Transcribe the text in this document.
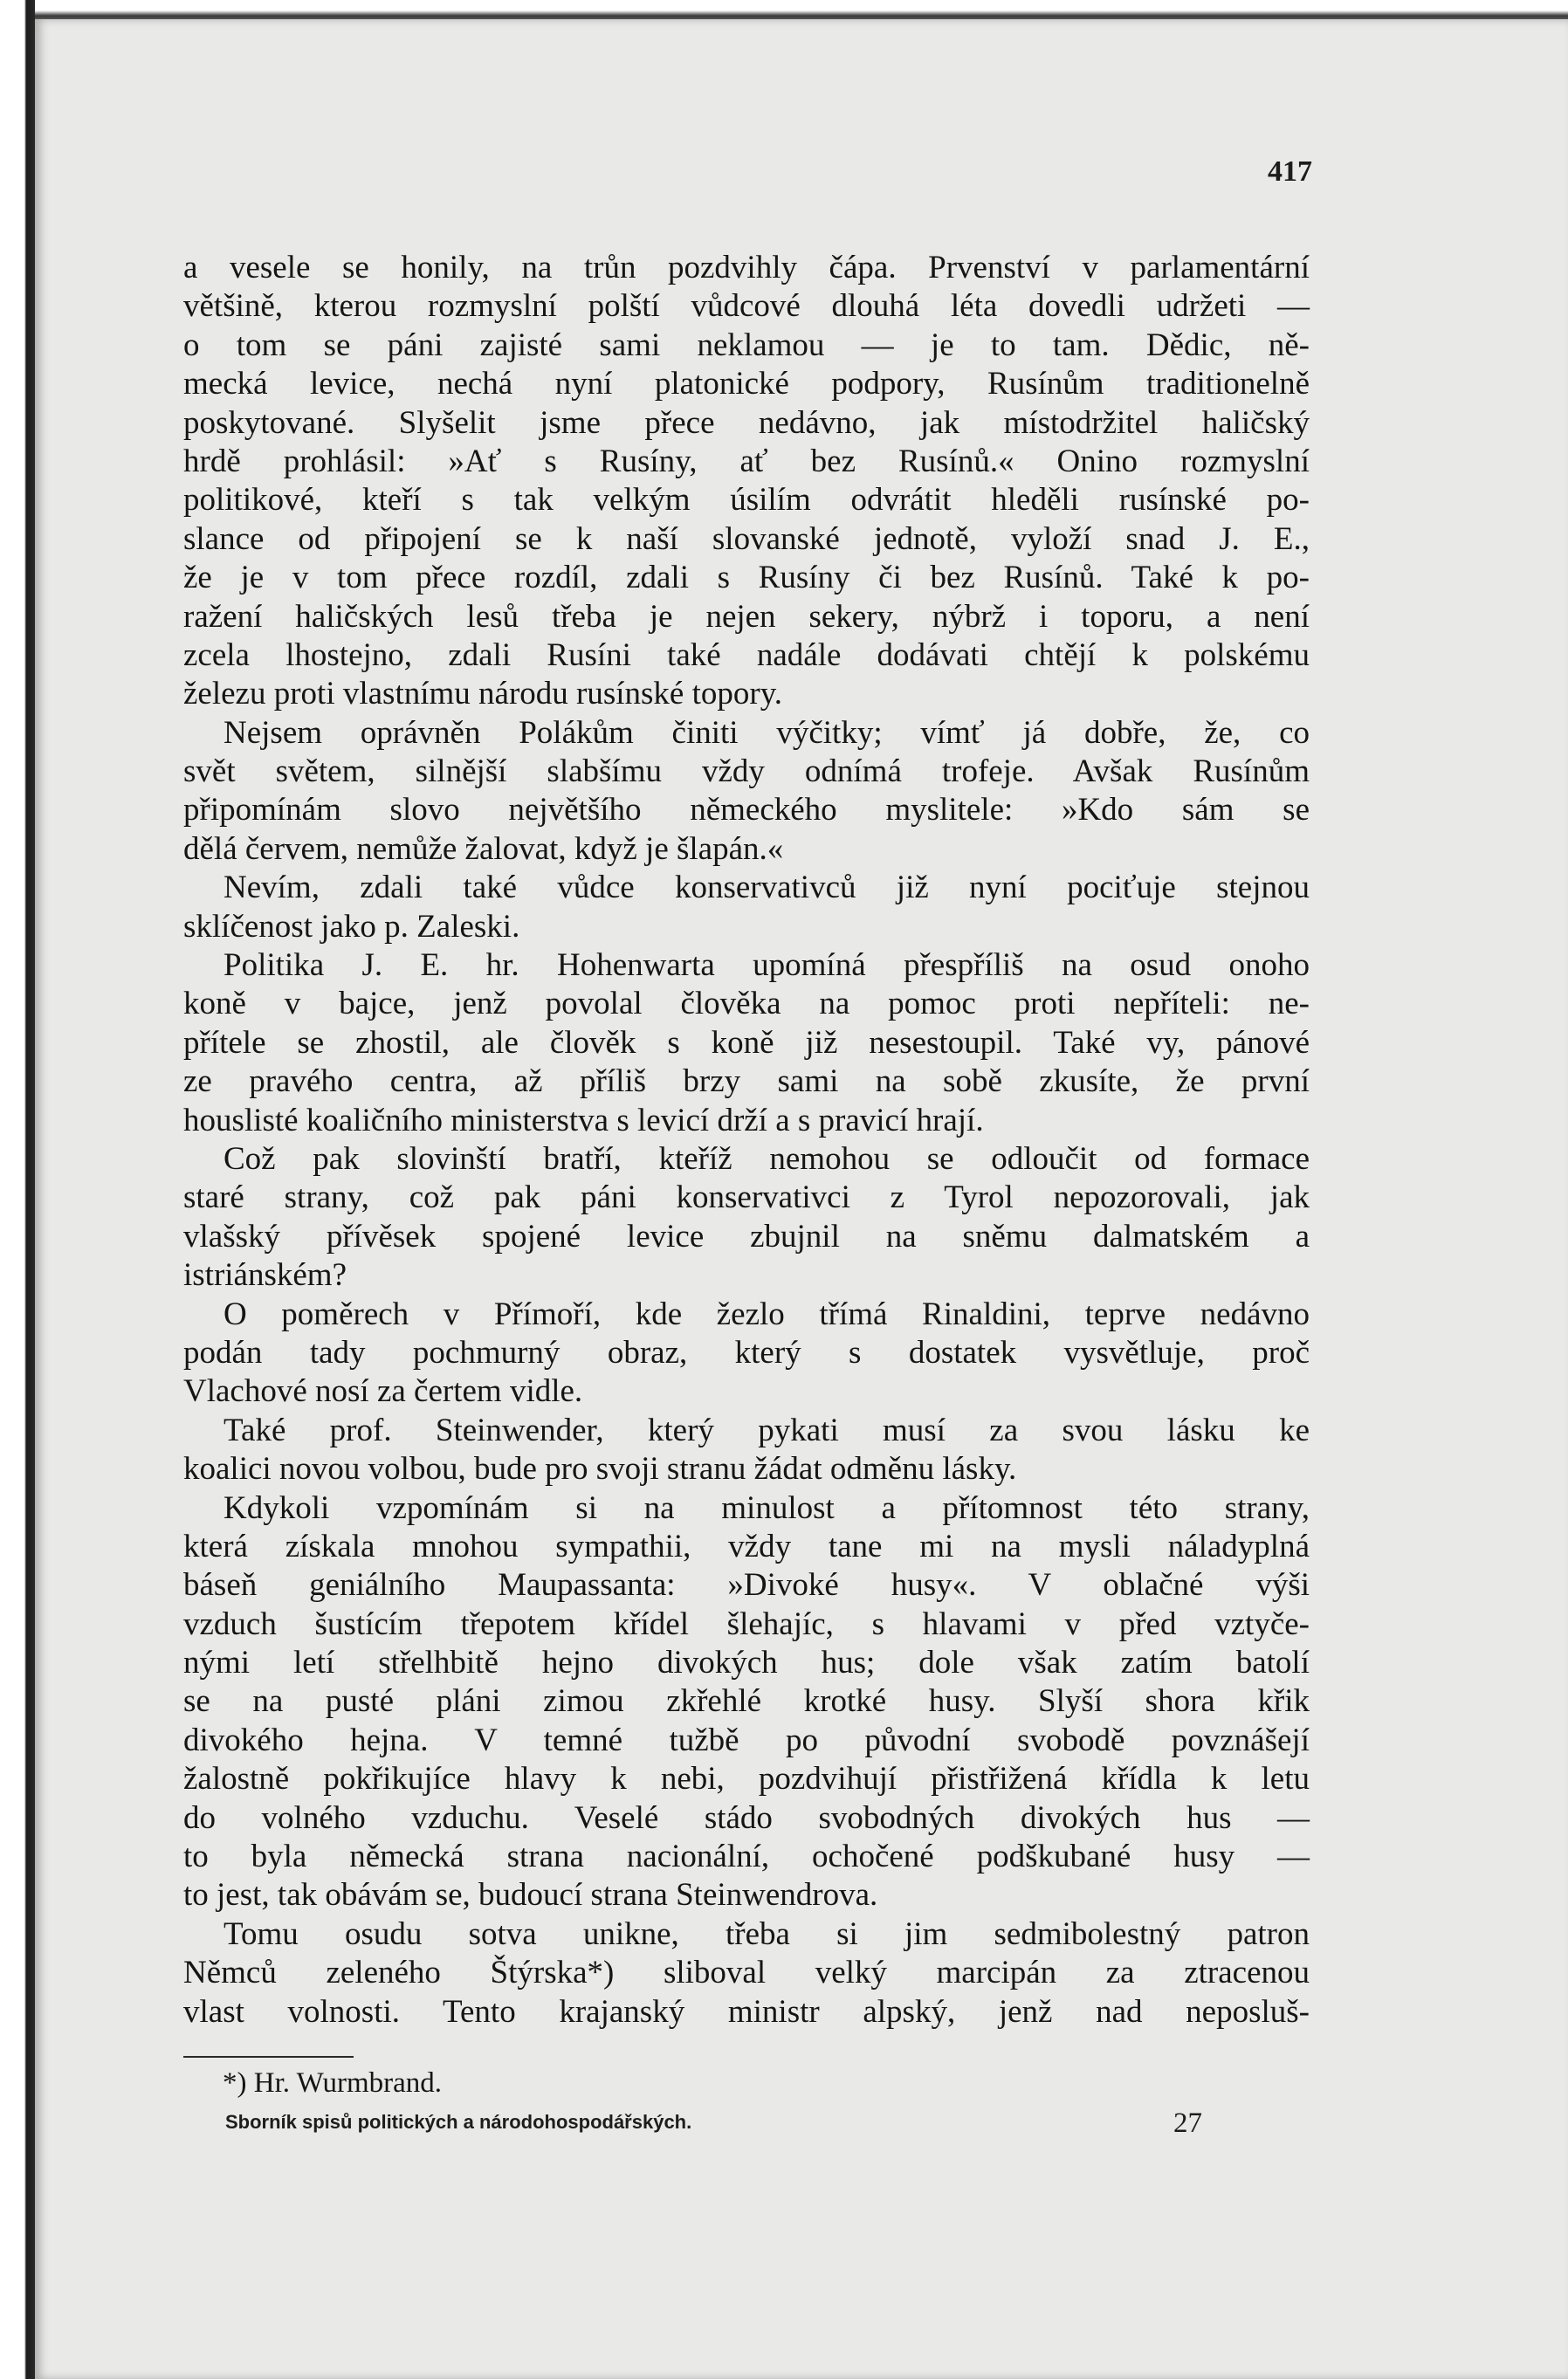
417
a vesele se honily, na trůn pozdvihly čápa. Prvenství v parlamentární
většině, kterou rozmyslní polští vůdcové dlouhá léta dovedli udržeti —
o tom se páni zajisté sami neklamou — je to tam. Dědic, ně-
mecká levice, nechá nyní platonické podpory, Rusínům traditionelně
poskytované. Slyšelit jsme přece nedávno, jak místodržitel haličský
hrdě prohlásil: »Ať s Rusíny, ať bez Rusínů.« Onino rozmyslní
politikové, kteří s tak velkým úsilím odvrátit hleděli rusínské po-
slance od připojení se k naší slovanské jednotě, vyloží snad J. E.,
že je v tom přece rozdíl, zdali s Rusíny či bez Rusínů. Také k po-
ražení haličských lesů třeba je nejen sekery, nýbrž i toporu, a není
zcela lhostejno, zdali Rusíni také nadále dodávati chtějí k polskému
železu proti vlastnímu národu rusínské topory.
Nejsem oprávněn Polákům činiti výčitky; vímť já dobře, že, co
svět světem, silnější slabšímu vždy odnímá trofeje. Avšak Rusínům
připomínám slovo největšího německého myslitele: »Kdo sám se
dělá červem, nemůže žalovat, když je šlapán.«
Nevím, zdali také vůdce konservativců již nyní pociťuje stejnou
sklíčenost jako p. Zaleski.
Politika J. E. hr. Hohenwarta upomíná přespříliš na osud onoho
koně v bajce, jenž povolal člověka na pomoc proti nepříteli: ne-
přítele se zhostil, ale člověk s koně již nesestoupil. Také vy, pánové
ze pravého centra, až příliš brzy sami na sobě zkusíte, že první
houslisté koaličního ministerstva s levicí drží a s pravicí hrají.
Což pak slovinští bratří, kteříž nemohou se odloučit od formace
staré strany, což pak páni konservativci z Tyrol nepozorovali, jak
vlašský přívěsek spojené levice zbujnil na sněmu dalmatském a
istriánském?
O poměrech v Přímoří, kde žezlo třímá Rinaldini, teprve nedávno
podán tady pochmurný obraz, který s dostatek vysvětluje, proč
Vlachové nosí za čertem vidle.
Také prof. Steinwender, který pykati musí za svou lásku ke
koalici novou volbou, bude pro svoji stranu žádat odměnu lásky.
Kdykoli vzpomínám si na minulost a přítomnost této strany,
která získala mnohou sympathii, vždy tane mi na mysli náladyplná
báseň geniálního Maupassanta: »Divoké husy«. V oblačné výši
vzduch šustícím třepotem křídel šlehajíc, s hlavami v před vztyče-
nými letí střelhbitě hejno divokých hus; dole však zatím batolí
se na pusté pláni zimou zkřehlé krotké husy. Slyší shora křik
divokého hejna. V temné tužbě po původní svobodě povznášejí
žalostně pokřikujíce hlavy k nebi, pozdvihují přistřižená křídla k letu
do volného vzduchu. Veselé stádo svobodných divokých hus —
to byla německá strana nacionální, ochočené podškubané husy —
to jest, tak obávám se, budoucí strana Steinwendrova.
Tomu osudu sotva unikne, třeba si jim sedmibolestný patron
Němců zeleného Štýrska*) sliboval velký marcipán za ztracenou
vlast volnosti. Tento krajanský ministr alpský, jenž nad neposluš-
*) Hr. Wurmbrand.
Sborník spisů politických a národohospodářských.	27
